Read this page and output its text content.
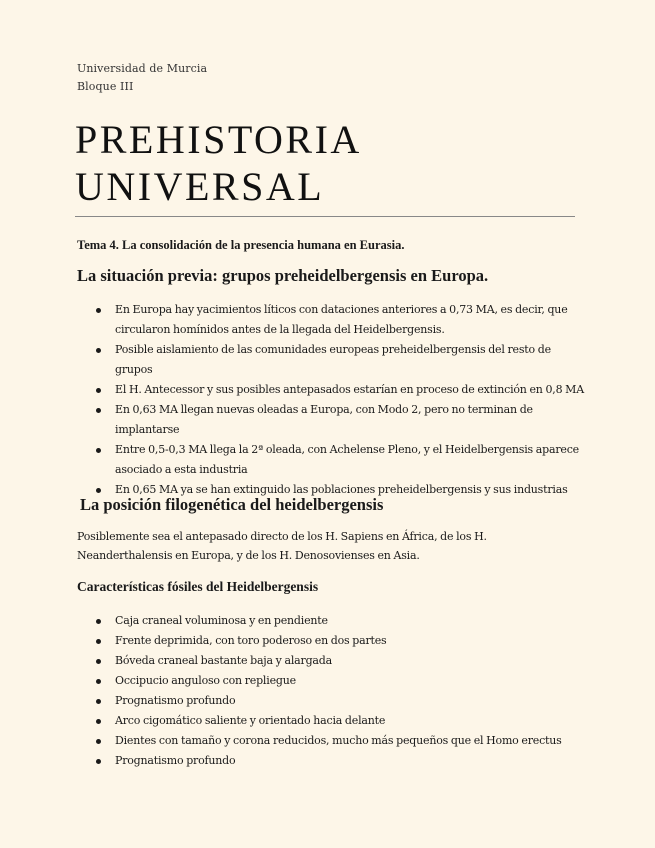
Universidad de Murcia
Bloque III
PREHISTORIA
UNIVERSAL
Tema 4. La consolidación de la presencia humana en Eurasia.
La situación previa: grupos preheidelbergensis en Europa.
En Europa hay yacimientos líticos con dataciones anteriores a 0,73 MA, es decir, que circularon homínidos antes de la llegada del Heidelbergensis.
Posible aislamiento de las comunidades europeas preheidelbergensis del resto de grupos
El H. Antecessor y sus posibles antepasados estarían en proceso de extinción en 0,8 MA
En 0,63 MA llegan nuevas oleadas a Europa, con Modo 2, pero no terminan de implantarse
Entre 0,5-0,3 MA llega la 2ª oleada, con Achelense Pleno, y el Heidelbergensis aparece asociado a esta industria
En 0,65 MA ya se han extinguido las poblaciones preheidelbergensis y sus industrias
La posición filogenética del heidelbergensis

Posiblemente sea el antepasado directo de los H. Sapiens en África, de los H. Neanderthalensis en Europa, y de los H. Denosovienses en Asia.

Características fósiles del Heidelbergensis
Caja craneal voluminosa y en pendiente
Frente deprimida, con toro poderoso en dos partes
Bóveda craneal bastante baja y alargada
Occipucio anguloso con repliegue
Prognatismo profundo
Arco cigomático saliente y orientado hacia delante
Dientes con tamaño y corona reducidos, mucho más pequeños que el Homo erectus
Prognatismo profundo
